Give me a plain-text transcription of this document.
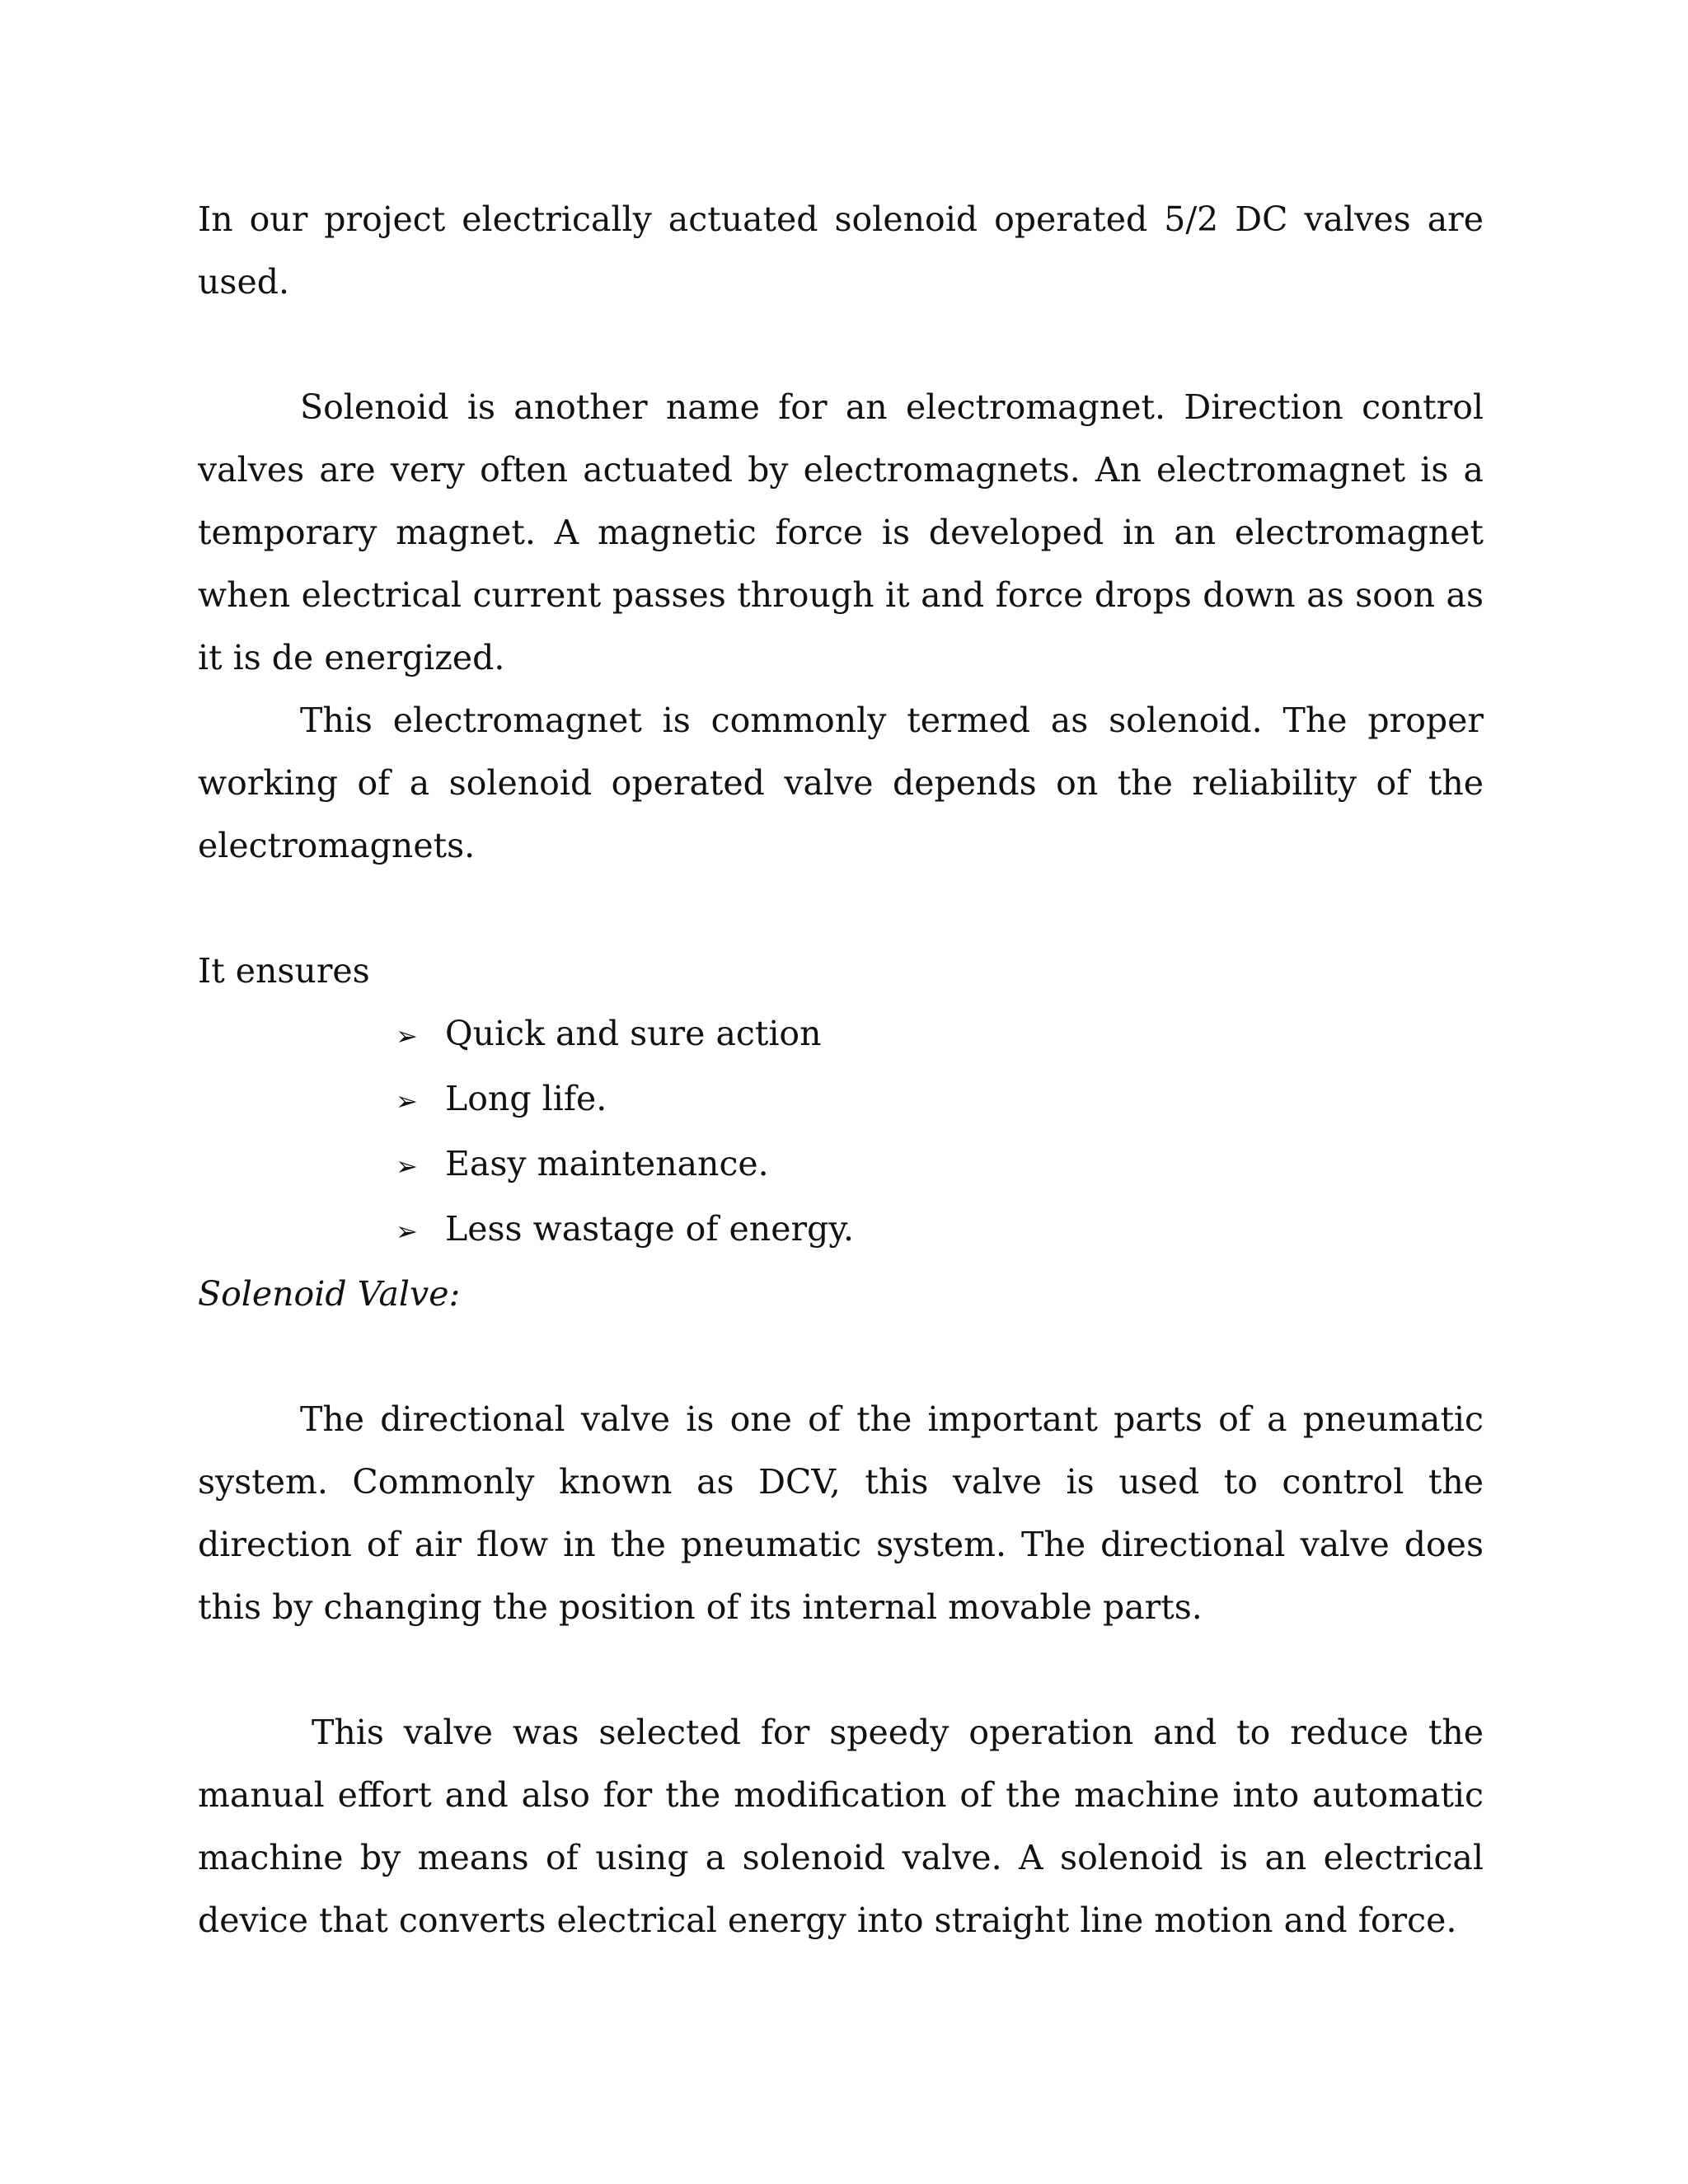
In our project electrically actuated solenoid operated 5/2 DC valves are used.

Solenoid is another name for an electromagnet. Direction control valves are very often actuated by electromagnets. An electromagnet is a temporary magnet. A magnetic force is developed in an electromagnet when electrical current passes through it and force drops down as soon as it is de energized.

This electromagnet is commonly termed as solenoid. The proper working of a solenoid operated valve depends on the reliability of the electromagnets.

It ensures

➢ Quick and sure action
➢ Long life.
➢ Easy maintenance.
➢ Less wastage of energy.

Solenoid Valve:

The directional valve is one of the important parts of a pneumatic system. Commonly known as DCV, this valve is used to control the direction of air flow in the pneumatic system. The directional valve does this by changing the position of its internal movable parts.

This valve was selected for speedy operation and to reduce the manual effort and also for the modification of the machine into automatic machine by means of using a solenoid valve. A solenoid is an electrical device that converts electrical energy into straight line motion and force.
